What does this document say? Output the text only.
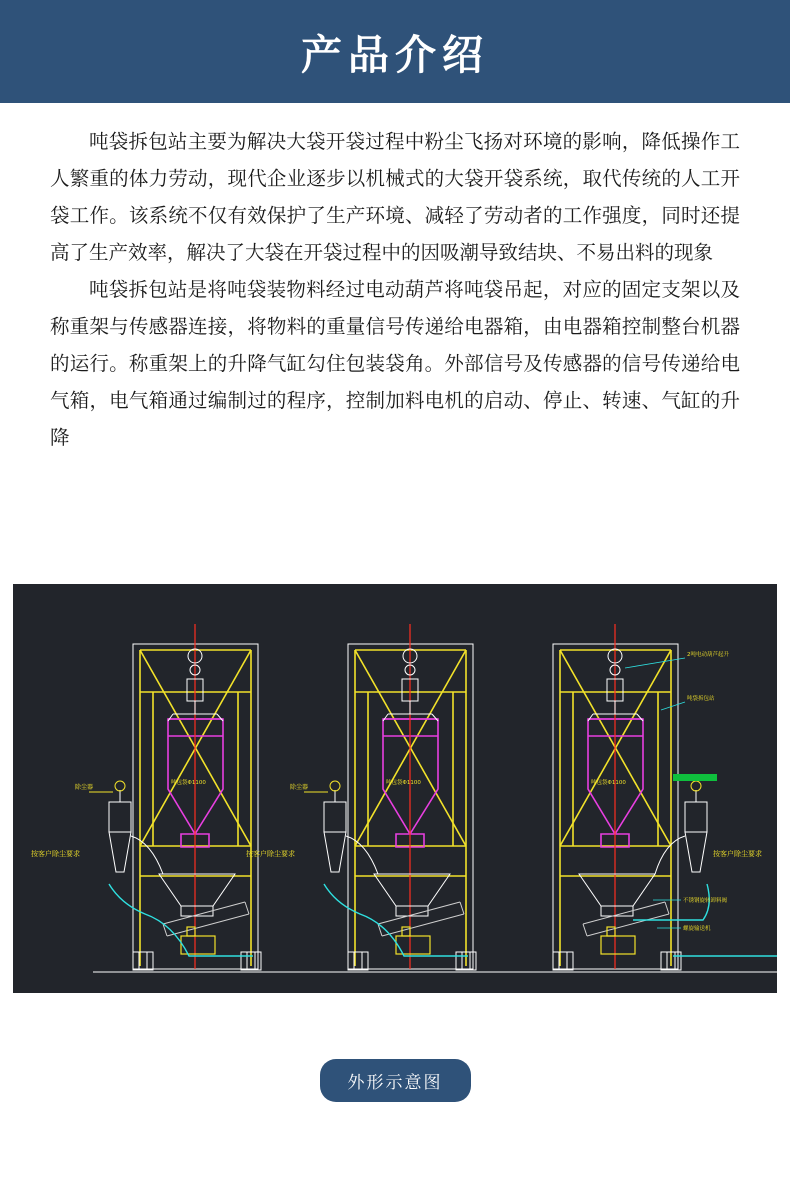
产品介绍

吨袋拆包站主要为解决大袋开袋过程中粉尘飞扬对环境的影响，降低操作工人繁重的体力劳动，现代企业逐步以机械式的大袋开袋系统，取代传统的人工开袋工作。该系统不仅有效保护了生产环境、减轻了劳动者的工作强度，同时还提高了生产效率，解决了大袋在开袋过程中的因吸潮导致结块、不易出料的现象

吨袋拆包站是将吨袋装物料经过电动葫芦将吨袋吊起，对应的固定支架以及称重架与传感器连接，将物料的重量信号传递给电器箱，由电器箱控制整台机器的运行。称重架上的升降气缸勾住包装袋角。外部信号及传感器的信号传递给电气箱，电气箱通过编制过的程序，控制加料电机的启动、停止、转速、气缸的升降

除尘器
按客户除尘要求
吨包袋Φ1100
除尘器
按客户除尘要求
吨包袋Φ1100
2吨电动葫芦起升
吨袋拆包站
吨包袋Φ1100
不锈钢旋转卸料阀
螺旋输送机
按客户除尘要求
外形示意图
